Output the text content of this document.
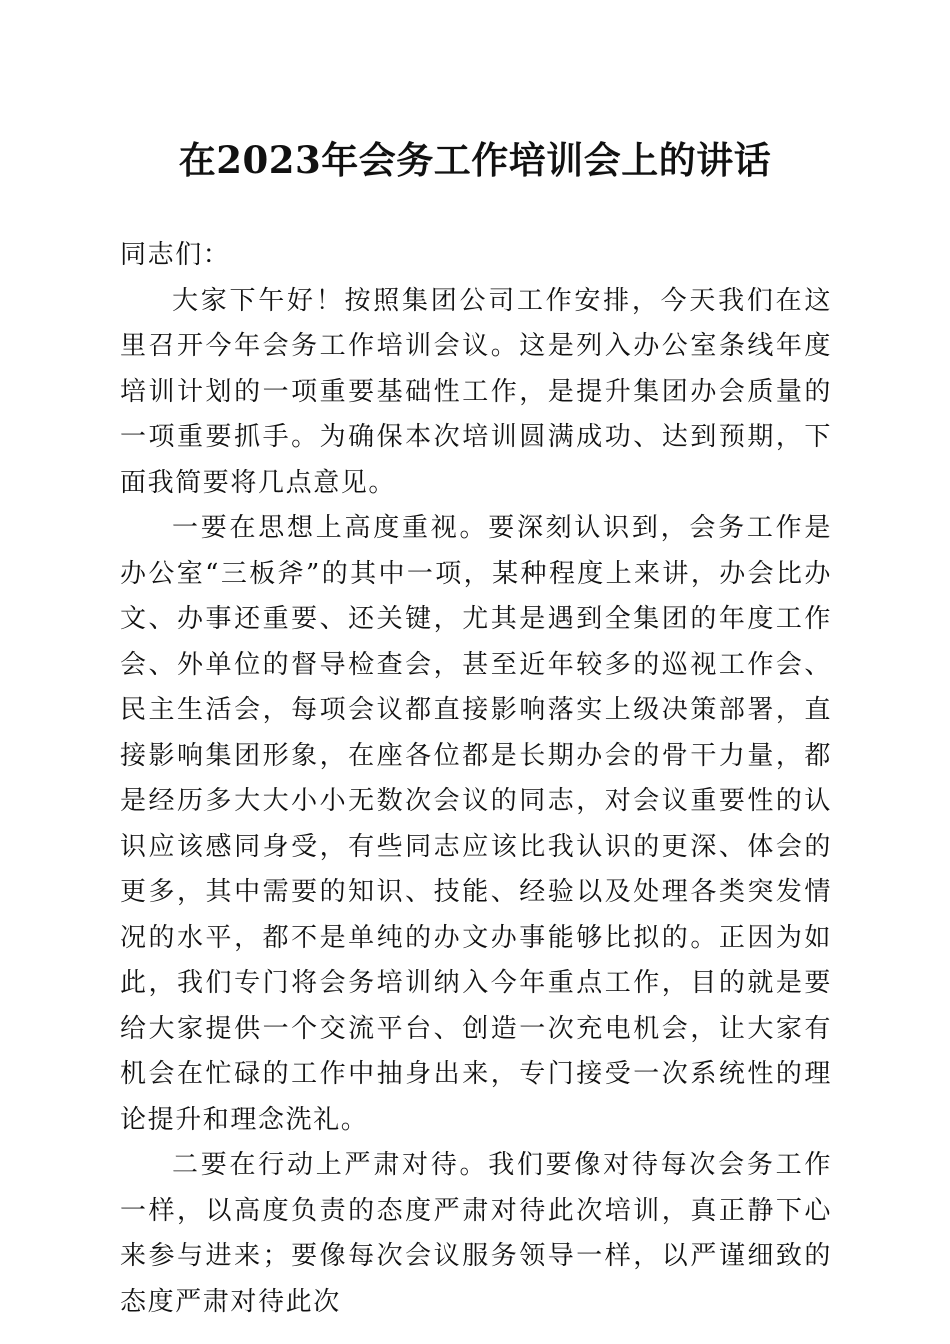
在2023年会务工作培训会上的讲话

同志们：

大家下午好！按照集团公司工作安排，今天我们在这里召开今年会务工作培训会议。这是列入办公室条线年度培训计划的一项重要基础性工作，是提升集团办会质量的一项重要抓手。为确保本次培训圆满成功、达到预期，下面我简要将几点意见。

一要在思想上高度重视。要深刻认识到，会务工作是办公室“三板斧”的其中一项，某种程度上来讲，办会比办文、办事还重要、还关键，尤其是遇到全集团的年度工作会、外单位的督导检查会，甚至近年较多的巡视工作会、民主生活会，每项会议都直接影响落实上级决策部署，直接影响集团形象，在座各位都是长期办会的骨干力量，都是经历多大大小小无数次会议的同志，对会议重要性的认识应该感同身受，有些同志应该比我认识的更深、体会的更多，其中需要的知识、技能、经验以及处理各类突发情况的水平，都不是单纯的办文办事能够比拟的。正因为如此，我们专门将会务培训纳入今年重点工作，目的就是要给大家提供一个交流平台、创造一次充电机会，让大家有机会在忙碌的工作中抽身出来，专门接受一次系统性的理论提升和理念洗礼。

二要在行动上严肃对待。我们要像对待每次会务工作一样，以高度负责的态度严肃对待此次培训，真正静下心来参与进来；要像每次会议服务领导一样，以严谨细致的态度严肃对待此次
